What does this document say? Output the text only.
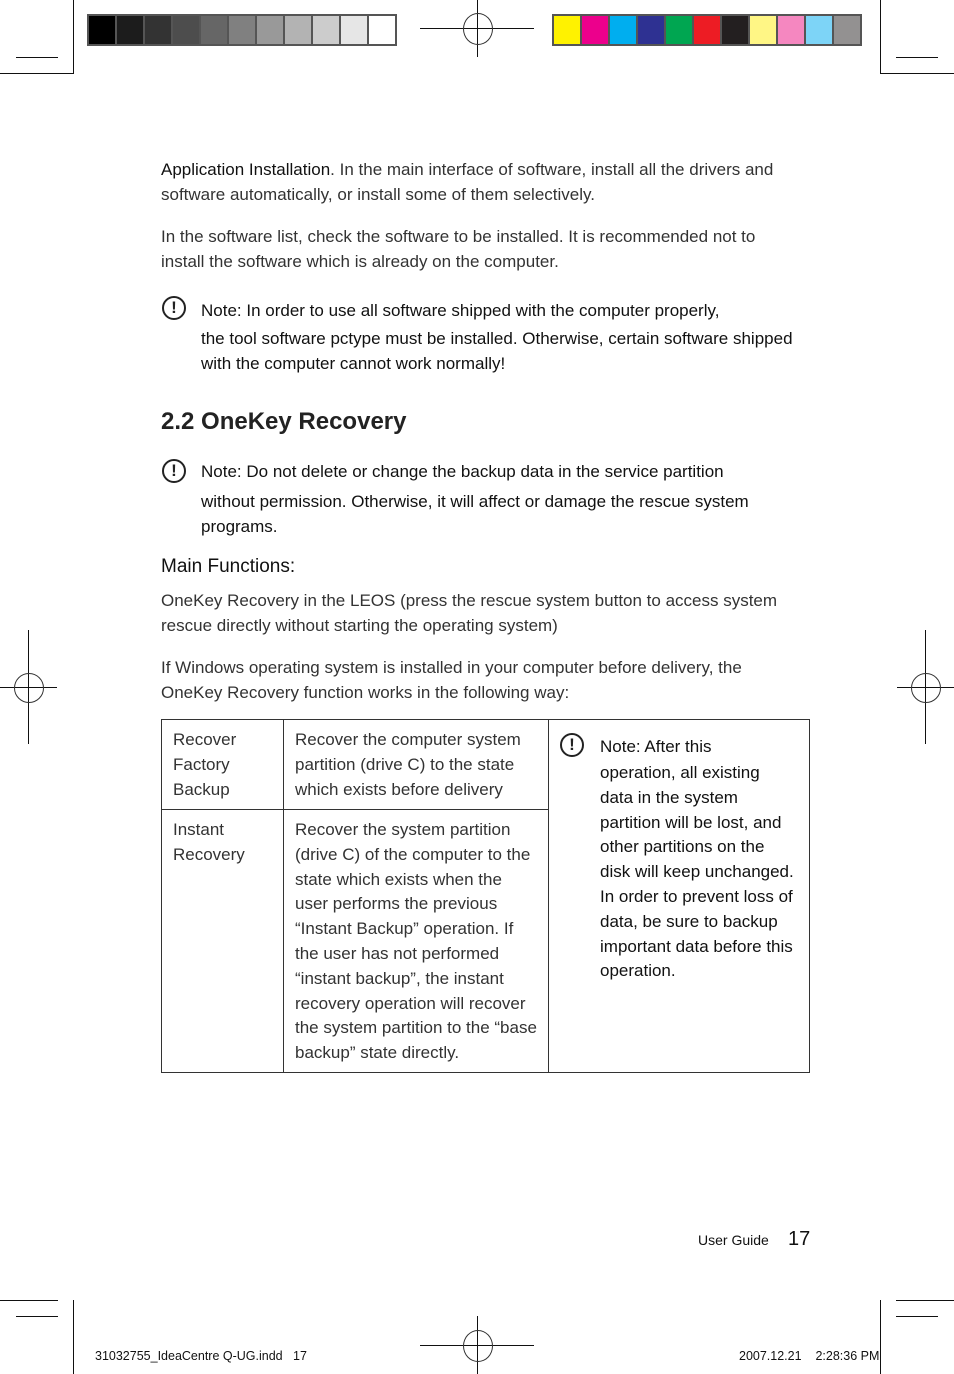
Application Installation. In the main interface of software, install all the drivers and software automatically, or install some of them selectively.
In the software list, check the software to be installed. It is recommended not to install the software which is already on the computer.
!	Note: In order to use all software shipped with the computer properly,
the tool software pctype must be installed. Otherwise, certain software shipped with the computer cannot work normally!
2.2 OneKey Recovery
!	Note: Do not delete or change the backup data in the service partition
without permission. Otherwise, it will affect or damage the rescue system programs.
Main Functions:
OneKey Recovery in the LEOS (press the rescue system button to access system rescue directly without starting the operating system)
If Windows operating system is installed in your computer before delivery, the OneKey Recovery function works in the following way:
Recover Factory Backup	Recover the computer system partition (drive C) to the state which exists before delivery	! Note: After this
operation, all existing data in the system partition will be lost, and other partitions on the disk will keep unchanged. In order to prevent loss of data, be sure to backup important data before this operation.

Instant Recovery	Recover the system partition (drive C) of the computer to the state which exists when the user performs the previous “Instant Backup” operation. If the user has not performed “instant backup”, the instant recovery operation will recover the system partition to the “base backup” state directly.	
User Guide 17
31032755_IdeaCentre Q-UG.indd   17	2007.12.21    2:28:36 PM
